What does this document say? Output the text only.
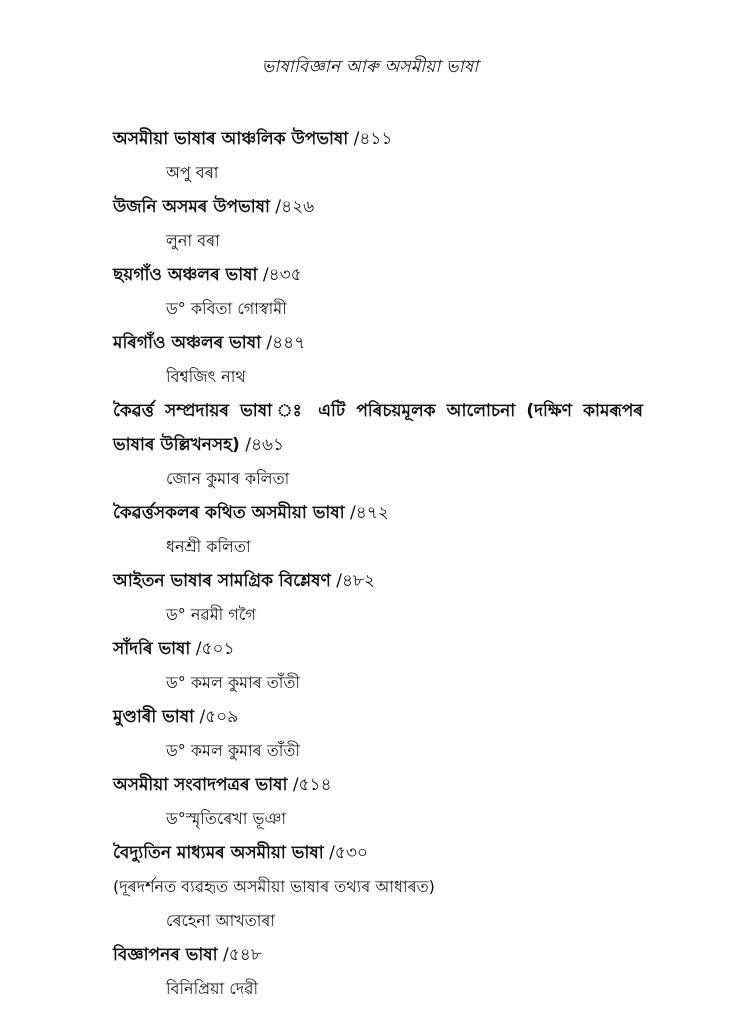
ভাষাবিজ্ঞান আৰু অসমীয়া ভাষা
অসমীয়া ভাষাৰ আঞ্চলিক উপভাষা /৪১১
অপু বৰা
উজনি অসমৰ উপভাষা /৪২৬
লুনা বৰা
ছয়গাঁও অঞ্চলৰ ভাষা /৪৩৫
ড° কবিতা গোস্বামী
মৰিগাঁও অঞ্চলৰ ভাষা /৪৪৭
বিশ্বজিৎ নাথ
কৈৱৰ্ত্ত সম্প্ৰদায়ৰ ভাষা ঃ এটি পৰিচয়মূলক আলোচনা (দক্ষিণ কামৰূপৰ ভাষাৰ উল্লিখনসহ) /৪৬১
জোন কুমাৰ কলিতা
কৈৱৰ্ত্তসকলৰ কথিত অসমীয়া ভাষা /৪৭২
ধনশ্ৰী কলিতা
আইতন ভাষাৰ সামগ্ৰিক বিশ্লেষণ /৪৮২
ড° নৱমী গগৈ
সাঁদৰি ভাষা /৫০১
ড° কমল কুমাৰ তাঁতী
মুণ্ডাৰী ভাষা /৫০৯
ড° কমল কুমাৰ তাঁতী
অসমীয়া সংবাদপত্ৰৰ ভাষা /৫১৪
ড°স্মৃতিৰেখা ভূঞা
বৈদ্যুতিন মাধ্যমৰ অসমীয়া ভাষা /৫৩০
(দূৰদৰ্শনত ব্যৱহৃত অসমীয়া ভাষাৰ তথ্যৰ আধাৰত)
ৰেহেনা আখতাৰা
বিজ্ঞাপনৰ ভাষা /৫৪৮
বিনিপ্ৰিয়া দেৱী
